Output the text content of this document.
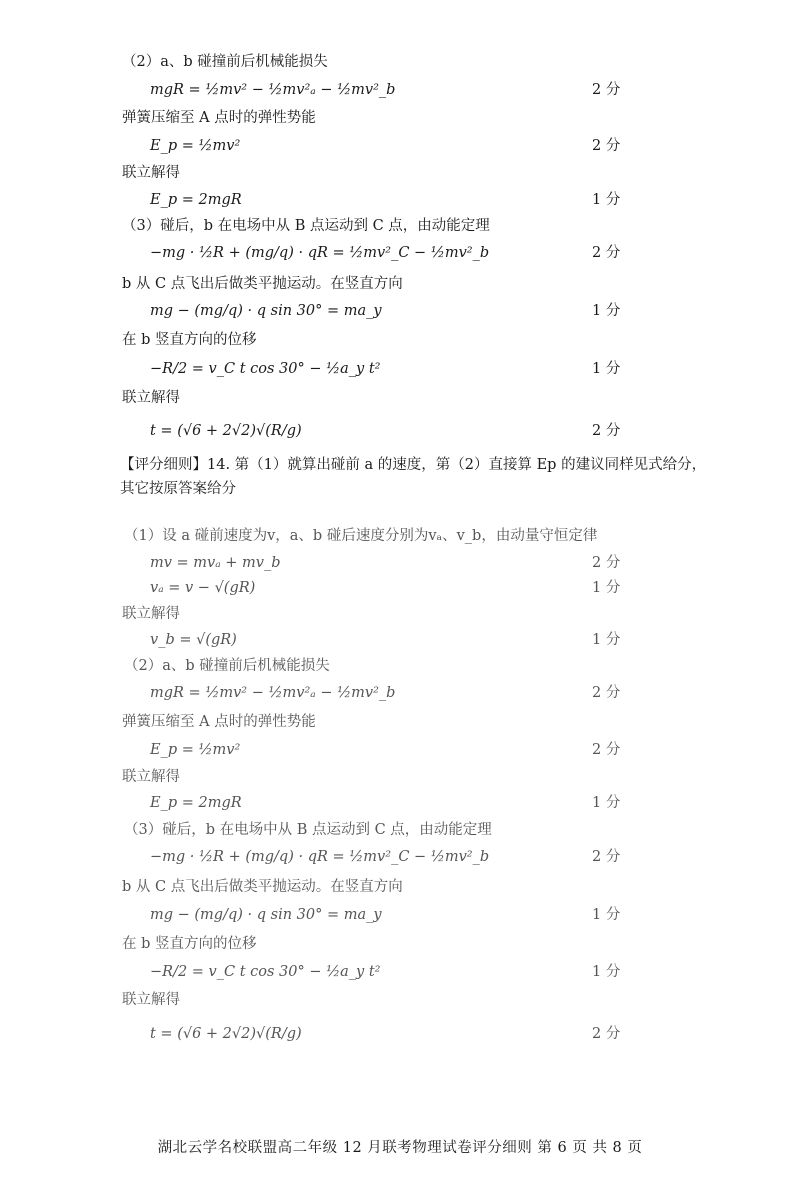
（2）a、b 碰撞前后机械能损失
mgR = ½mv² − ½mv²ₐ − ½mv²_b	2 分
弹簧压缩至 A 点时的弹性势能
E_p = ½mv²	2 分
联立解得
E_p = 2mgR	1 分
（3）碰后，b 在电场中从 B 点运动到 C 点，由动能定理
−mg · ½R + (mg/q) · qR = ½mv²_C − ½mv²_b	2 分
b 从 C 点飞出后做类平抛运动。在竖直方向
mg − (mg/q) · q sin 30° = ma_y	1 分
在 b 竖直方向的位移
−R/2 = v_C t cos 30° − ½a_y t²	1 分
联立解得
t = (√6 + 2√2)√(R/g)	2 分
【评分细则】14. 第（1）就算出碰前 a 的速度，第（2）直接算 Ep 的建议同样见式给分，其它按原答案给分
（1）设 a 碰前速度为v，a、b 碰后速度分别为vₐ、v_b，由动量守恒定律
mv = mvₐ + mv_b	2 分
vₐ = v − √(gR)	1 分
联立解得
v_b = √(gR)	1 分
（2）a、b 碰撞前后机械能损失
mgR = ½mv² − ½mv²ₐ − ½mv²_b	2 分
弹簧压缩至 A 点时的弹性势能
E_p = ½mv²	2 分
联立解得
E_p = 2mgR	1 分
（3）碰后，b 在电场中从 B 点运动到 C 点，由动能定理
−mg · ½R + (mg/q) · qR = ½mv²_C − ½mv²_b	2 分
b 从 C 点飞出后做类平抛运动。在竖直方向
mg − (mg/q) · q sin 30° = ma_y	1 分
在 b 竖直方向的位移
−R/2 = v_C t cos 30° − ½a_y t²	1 分
联立解得
t = (√6 + 2√2)√(R/g)	2 分
湖北云学名校联盟高二年级 12 月联考物理试卷评分细则 第 6 页 共 8 页
